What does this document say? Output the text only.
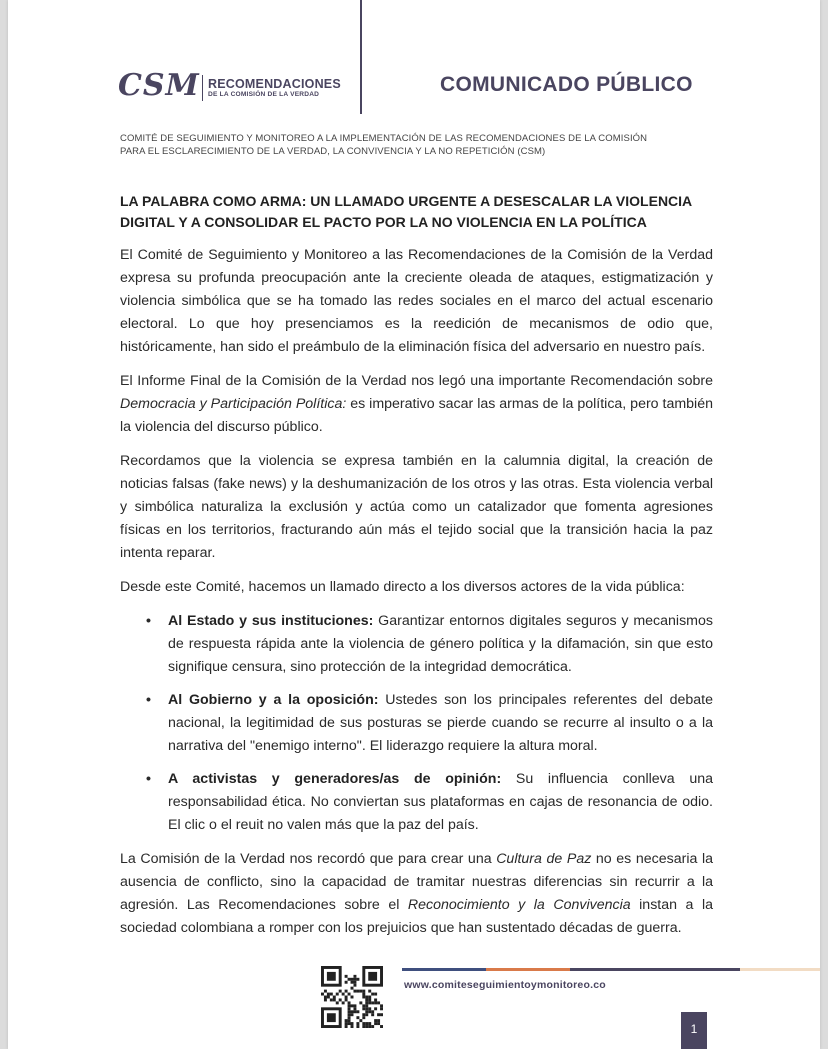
CSM RECOMENDACIONES
DE LA COMISIÓN DE LA VERDAD	COMUNICADO PÚBLICO
COMITÉ DE SEGUIMIENTO Y MONITOREO A LA IMPLEMENTACIÓN DE LAS RECOMENDACIONES DE LA COMISIÓN
PARA EL ESCLARECIMIENTO DE LA VERDAD, LA CONVIVENCIA Y LA NO REPETICIÓN (CSM)
LA PALABRA COMO ARMA: UN LLAMADO URGENTE A DESESCALAR LA VIOLENCIA DIGITAL Y A CONSOLIDAR EL PACTO POR LA NO VIOLENCIA EN LA POLÍTICA

El Comité de Seguimiento y Monitoreo a las Recomendaciones de la Comisión de la Verdad expresa su profunda preocupación ante la creciente oleada de ataques, estigmatización y violencia simbólica que se ha tomado las redes sociales en el marco del actual escenario electoral. Lo que hoy presenciamos es la reedición de mecanismos de odio que, históricamente, han sido el preámbulo de la eliminación física del adversario en nuestro país.

El Informe Final de la Comisión de la Verdad nos legó una importante Recomendación sobre Democracia y Participación Política: es imperativo sacar las armas de la política, pero también la violencia del discurso público.

Recordamos que la violencia se expresa también en la calumnia digital, la creación de noticias falsas (fake news) y la deshumanización de los otros y las otras. Esta violencia verbal y simbólica naturaliza la exclusión y actúa como un catalizador que fomenta agresiones físicas en los territorios, fracturando aún más el tejido social que la transición hacia la paz intenta reparar.

Desde este Comité, hacemos un llamado directo a los diversos actores de la vida pública:

• Al Estado y sus instituciones: Garantizar entornos digitales seguros y mecanismos de respuesta rápida ante la violencia de género política y la difamación, sin que esto signifique censura, sino protección de la integridad democrática.
• Al Gobierno y a la oposición: Ustedes son los principales referentes del debate nacional, la legitimidad de sus posturas se pierde cuando se recurre al insulto o a la narrativa del "enemigo interno". El liderazgo requiere la altura moral.
• A activistas y generadores/as de opinión: Su influencia conlleva una responsabilidad ética. No conviertan sus plataformas en cajas de resonancia de odio. El clic o el reuit no valen más que la paz del país.

La Comisión de la Verdad nos recordó que para crear una Cultura de Paz no es necesaria la ausencia de conflicto, sino la capacidad de tramitar nuestras diferencias sin recurrir a la agresión. Las Recomendaciones sobre el Reconocimiento y la Convivencia instan a la sociedad colombiana a romper con los prejuicios que han sustentado décadas de guerra.

www.comiteseguimientoymonitoreo.co
1
